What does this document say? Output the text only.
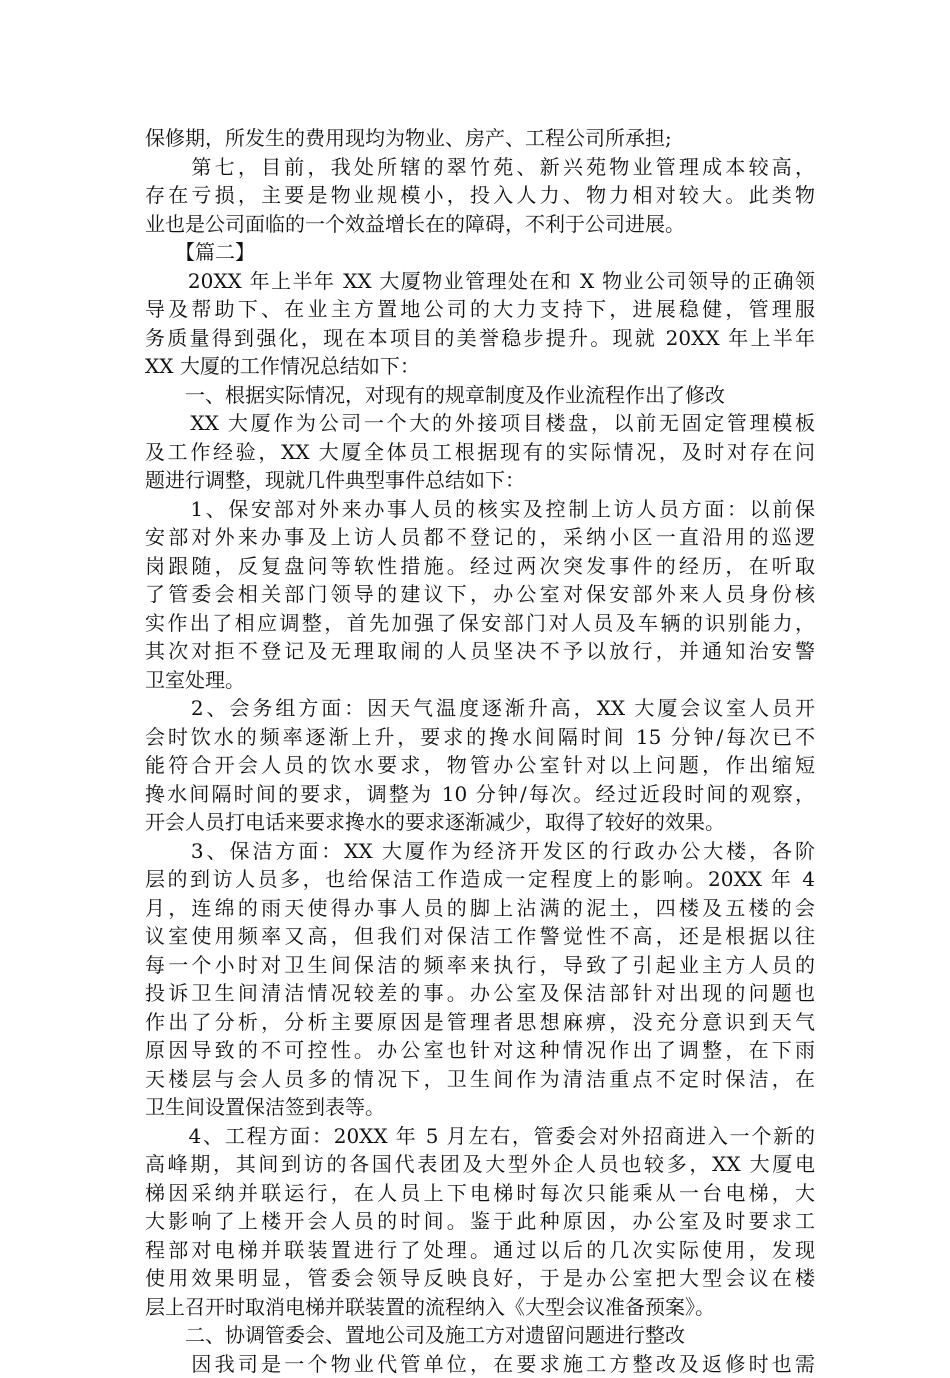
保修期，所发生的费用现均为物业、房产、工程公司所承担;
　　第七，目前，我处所辖的翠竹苑、新兴苑物业管理成本较高，
存在亏损，主要是物业规模小，投入人力、物力相对较大。此类物
业也是公司面临的一个效益增长在的障碍，不利于公司进展。
　　【篇二】
　　20XX 年上半年 XX 大厦物业管理处在和 X 物业公司领导的正确领
导及帮助下、在业主方置地公司的大力支持下，进展稳健，管理服
务质量得到强化，现在本项目的美誉稳步提升。现就 20XX 年上半年
XX 大厦的工作情况总结如下：
　　一、根据实际情况，对现有的规章制度及作业流程作出了修改
　　XX 大厦作为公司一个大的外接项目楼盘，以前无固定管理模板
及工作经验，XX 大厦全体员工根据现有的实际情况，及时对存在问
题进行调整，现就几件典型事件总结如下：
　　1、保安部对外来办事人员的核实及控制上访人员方面：以前保
安部对外来办事及上访人员都不登记的，采纳小区一直沿用的巡逻
岗跟随，反复盘问等软性措施。经过两次突发事件的经历，在听取
了管委会相关部门领导的建议下，办公室对保安部外来人员身份核
实作出了相应调整，首先加强了保安部门对人员及车辆的识别能力，
其次对拒不登记及无理取闹的人员坚决不予以放行，并通知治安警
卫室处理。
　　2、会务组方面：因天气温度逐渐升高，XX 大厦会议室人员开
会时饮水的频率逐渐上升，要求的搀水间隔时间 15 分钟/每次已不
能符合开会人员的饮水要求，物管办公室针对以上问题，作出缩短
搀水间隔时间的要求，调整为 10 分钟/每次。经过近段时间的观察，
开会人员打电话来要求搀水的要求逐渐减少，取得了较好的效果。
　　3、保洁方面：XX 大厦作为经济开发区的行政办公大楼，各阶
层的到访人员多，也给保洁工作造成一定程度上的影响。20XX 年 4
月，连绵的雨天使得办事人员的脚上沾满的泥土，四楼及五楼的会
议室使用频率又高，但我们对保洁工作警觉性不高，还是根据以往
每一个小时对卫生间保洁的频率来执行，导致了引起业主方人员的
投诉卫生间清洁情况较差的事。办公室及保洁部针对出现的问题也
作出了分析，分析主要原因是管理者思想麻痹，没充分意识到天气
原因导致的不可控性。办公室也针对这种情况作出了调整，在下雨
天楼层与会人员多的情况下，卫生间作为清洁重点不定时保洁，在
卫生间设置保洁签到表等。
　　4、工程方面：20XX 年 5 月左右，管委会对外招商进入一个新的
高峰期，其间到访的各国代表团及大型外企人员也较多，XX 大厦电
梯因采纳并联运行，在人员上下电梯时每次只能乘从一台电梯，大
大影响了上楼开会人员的时间。鉴于此种原因，办公室及时要求工
程部对电梯并联装置进行了处理。通过以后的几次实际使用，发现
使用效果明显，管委会领导反映良好，于是办公室把大型会议在楼
层上召开时取消电梯并联装置的流程纳入《大型会议准备预案》。
　　二、协调管委会、置地公司及施工方对遗留问题进行整改
　　因我司是一个物业代管单位，在要求施工方整改及返修时也需
